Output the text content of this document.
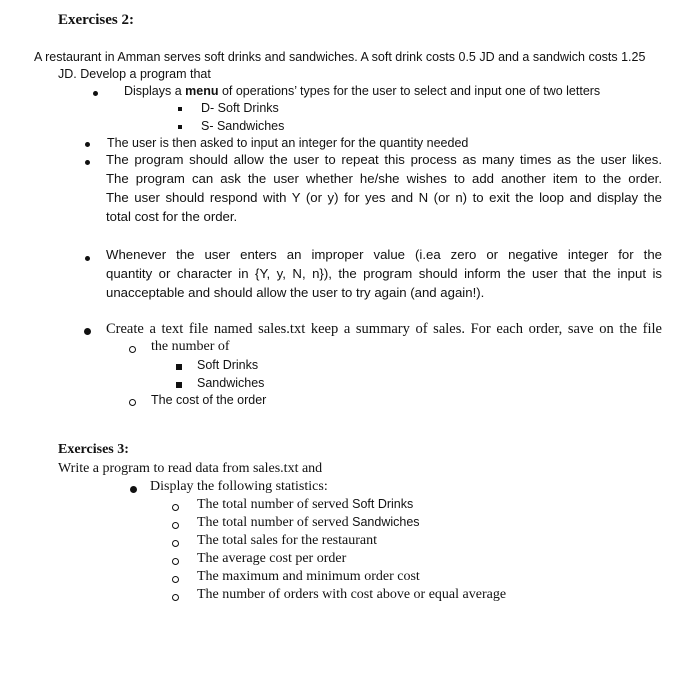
Exercises 2:
A restaurant in Amman serves soft drinks and sandwiches. A soft drink costs 0.5 JD and a sandwich costs 1.25
JD. Develop a program that
Displays a menu of operations’ types for the user to select and input one of two letters
D- Soft Drinks
S- Sandwiches
The user is then asked to input an integer for the quantity needed
The program should allow the user to repeat this process as many times as the user likes.
The program can ask the user whether he/she wishes to add another item to the order.
The user should respond with Y (or y) for yes and N (or n) to exit the loop and display the
total cost for the order.
Whenever the user enters an improper value (i.ea zero or negative integer for the
quantity or character in {Y, y, N, n}), the program should inform the user that the input is
unacceptable and should allow the user to try again (and again!).
Create a text file named sales.txt keep a summary of sales. For each order, save on the file
the number of
Soft Drinks
Sandwiches
The cost of the order
Exercises 3:
Write a program to read data from sales.txt and
Display the following statistics:
The total number of served Soft Drinks
The total number of served Sandwiches
The total sales for the restaurant
The average cost per order
The maximum and minimum order cost
The number of orders with cost above or equal average
